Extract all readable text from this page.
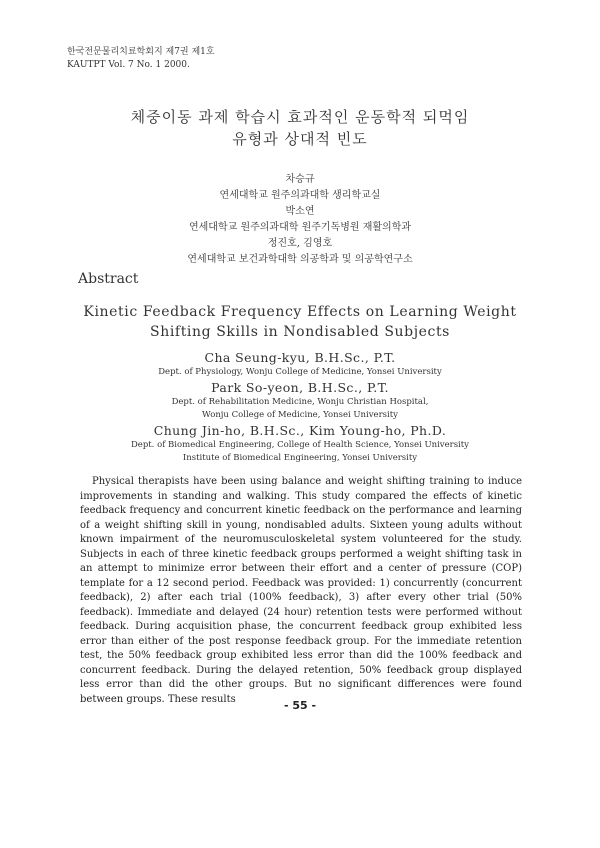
한국전문물리치료학회지 제7권 제1호
KAUTPT Vol. 7 No. 1 2000.
체중이동 과제 학습시 효과적인 운동학적 되먹임
유형과 상대적 빈도
차승규
연세대학교 원주의과대학 생리학교실
박소연
연세대학교 원주의과대학 원주기독병원 재활의학과
정진호, 김영호
연세대학교 보건과학대학 의공학과 및 의공학연구소
Abstract
Kinetic Feedback Frequency Effects on Learning Weight
Shifting Skills in Nondisabled Subjects
Cha Seung-kyu, B.H.Sc., P.T.
Dept. of Physiology, Wonju College of Medicine, Yonsei University
Park So-yeon, B.H.Sc., P.T.
Dept. of Rehabilitation Medicine, Wonju Christian Hospital,
Wonju College of Medicine, Yonsei University
Chung Jin-ho, B.H.Sc., Kim Young-ho, Ph.D.
Dept. of Biomedical Engineering, College of Health Science, Yonsei University
Institute of Biomedical Engineering, Yonsei University

Physical therapists have been using balance and weight shifting training to induce improvements in standing and walking. This study compared the effects of kinetic feedback frequency and concurrent kinetic feedback on the performance and learning of a weight shifting skill in young, nondisabled adults. Sixteen young adults without known impairment of the neuromusculoskeletal system volunteered for the study. Subjects in each of three kinetic feedback groups performed a weight shifting task in an attempt to minimize error between their effort and a center of pressure (COP) template for a 12 second period. Feedback was provided: 1) concurrently (concurrent feedback), 2) after each trial (100% feedback), 3) after every other trial (50% feedback). Immediate and delayed (24 hour) retention tests were performed without feedback. During acquisition phase, the concurrent feedback group exhibited less error than either of the post response feedback group. For the immediate retention test, the 50% feedback group exhibited less error than did the 100% feedback and concurrent feedback. During the delayed retention, 50% feedback group displayed less error than did the other groups. But no significant differences were found between groups. These results	- 55 -
